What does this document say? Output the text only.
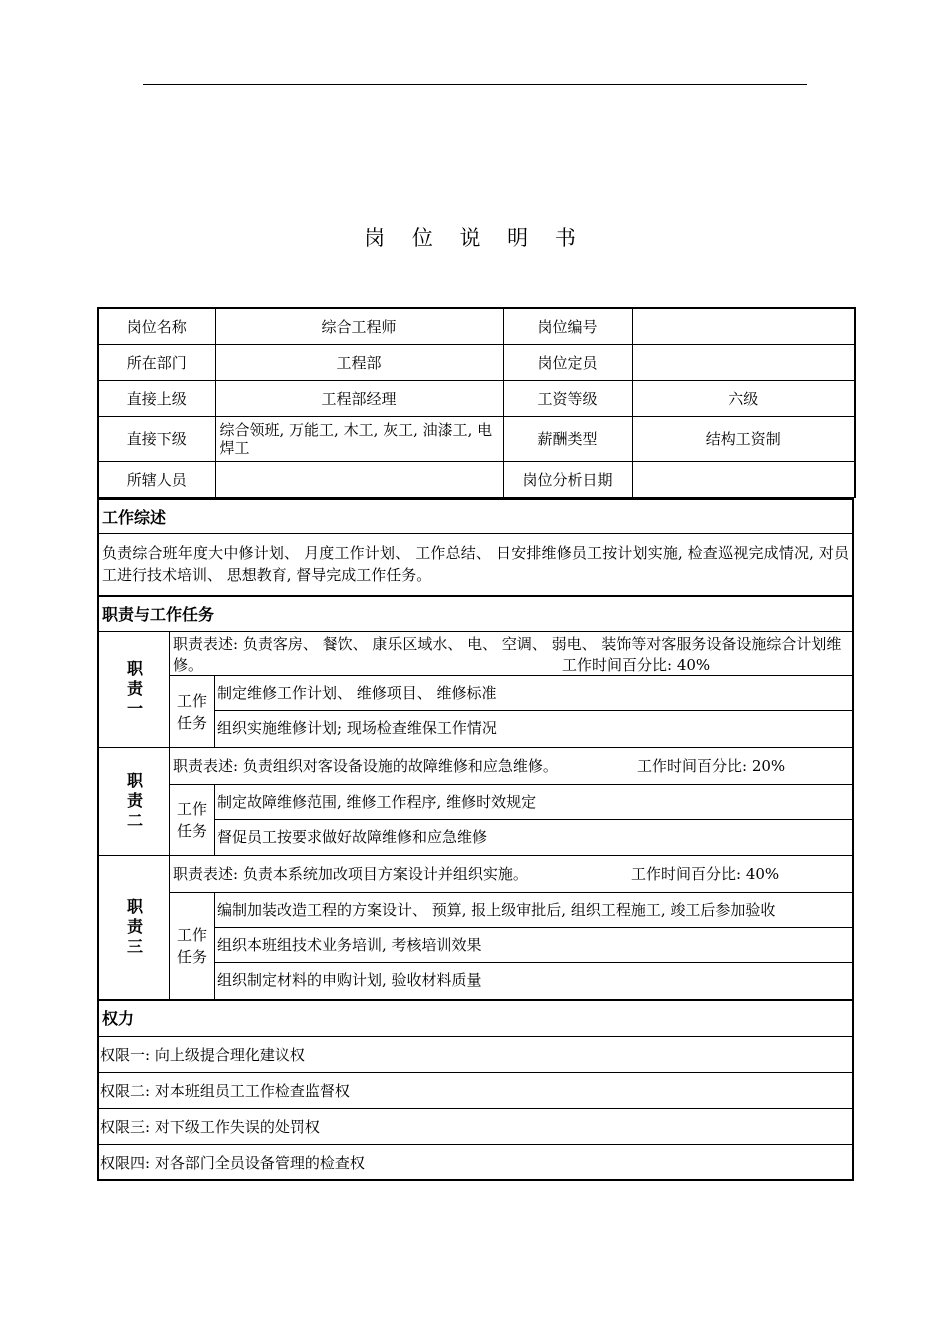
岗 位 说 明 书
岗位名称	综合工程师	岗位编号	
所在部门	工程部	岗位定员	
直接上级	工程部经理	工资等级	六级
直接下级	综合领班, 万能工, 木工, 灰工, 油漆工, 电焊工	薪酬类型	结构工资制
所辖人员		岗位分析日期	
工作综述
负责综合班年度大中修计划、 月度工作计划、 工作总结、 日安排维修员工按计划实施, 检查巡视完成情况, 对员工进行技术培训、 思想教育, 督导完成工作任务。
职责与工作任务
职责一
职责表述: 负责客房、 餐饮、 康乐区域水、 电、 空调、 弱电、 装饰等对客服务设备设施综合计划维修。	工作时间百分比: 40%
工作任务
制定维修工作计划、 维修项目、 维修标准
组织实施维修计划; 现场检查维保工作情况
职责二
职责表述: 负责组织对客设备设施的故障维修和应急维修。	工作时间百分比: 20%
工作任务
制定故障维修范围, 维修工作程序, 维修时效规定
督促员工按要求做好故障维修和应急维修
职责三
职责表述: 负责本系统加改项目方案设计并组织实施。	工作时间百分比: 40%
工作任务
编制加装改造工程的方案设计、 预算, 报上级审批后, 组织工程施工, 竣工后参加验收
组织本班组技术业务培训, 考核培训效果
组织制定材料的申购计划, 验收材料质量
权力
权限一: 向上级提合理化建议权
权限二: 对本班组员工工作检查监督权
权限三: 对下级工作失误的处罚权
权限四: 对各部门全员设备管理的检查权
